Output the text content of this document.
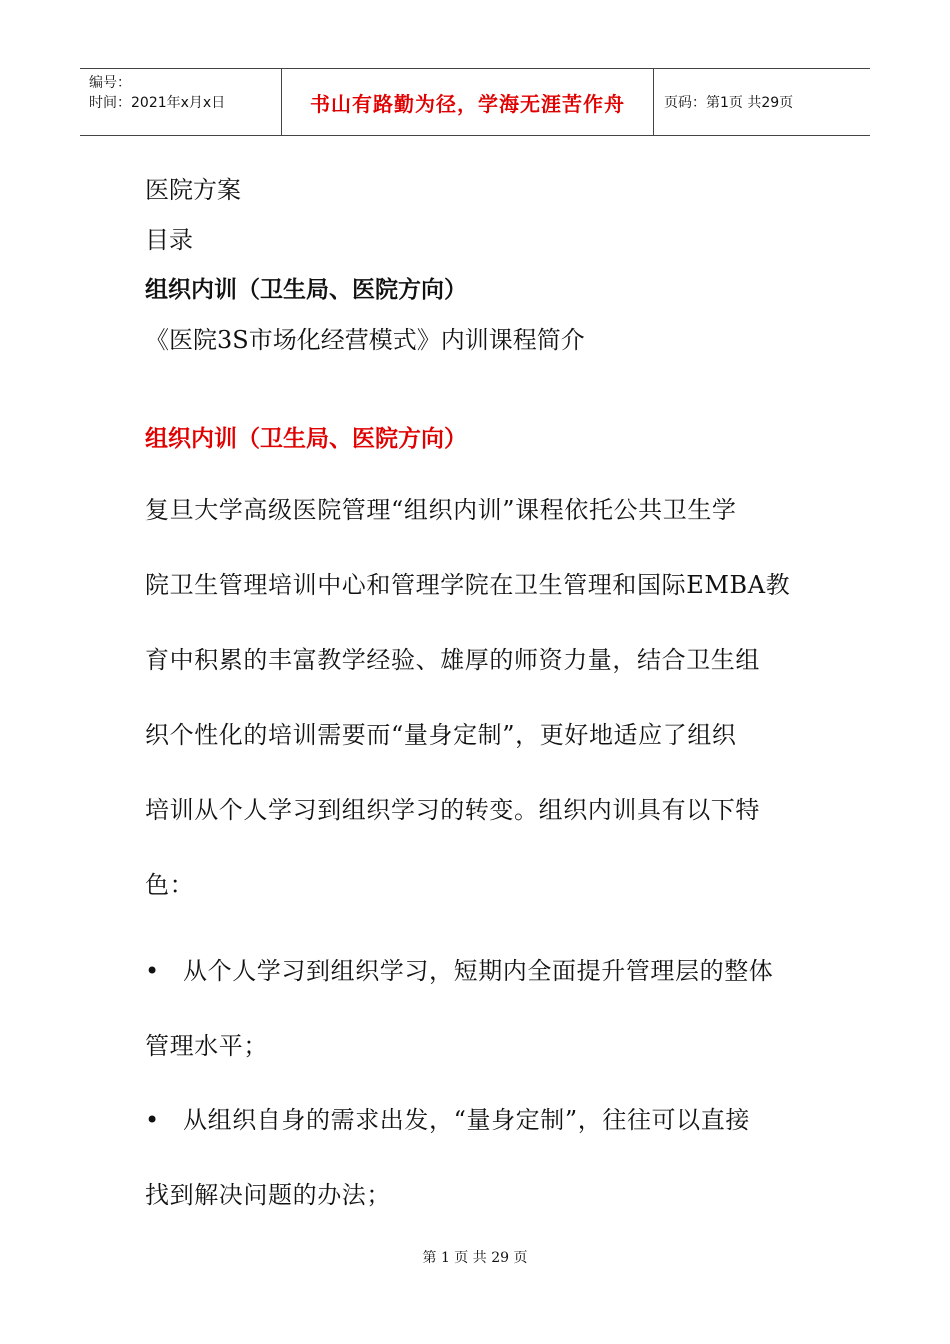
编号：
时间：2021年x月x日	书山有路勤为径，学海无涯苦作舟	页码：第1页 共29页
医院方案
目录
组织内训（卫生局、医院方向）
《医院3S市场化经营模式》内训课程简介
组织内训（卫生局、医院方向）
复旦大学高级医院管理“组织内训”课程依托公共卫生学
院卫生管理培训中心和管理学院在卫生管理和国际EMBA教
育中积累的丰富教学经验、雄厚的师资力量，结合卫生组
织个性化的培训需要而“量身定制”，更好地适应了组织
培训从个人学习到组织学习的转变。组织内训具有以下特
色：
• 从个人学习到组织学习，短期内全面提升管理层的整体
管理水平；
• 从组织自身的需求出发，“量身定制”，往往可以直接
找到解决问题的办法；
第 1 页 共 29 页
